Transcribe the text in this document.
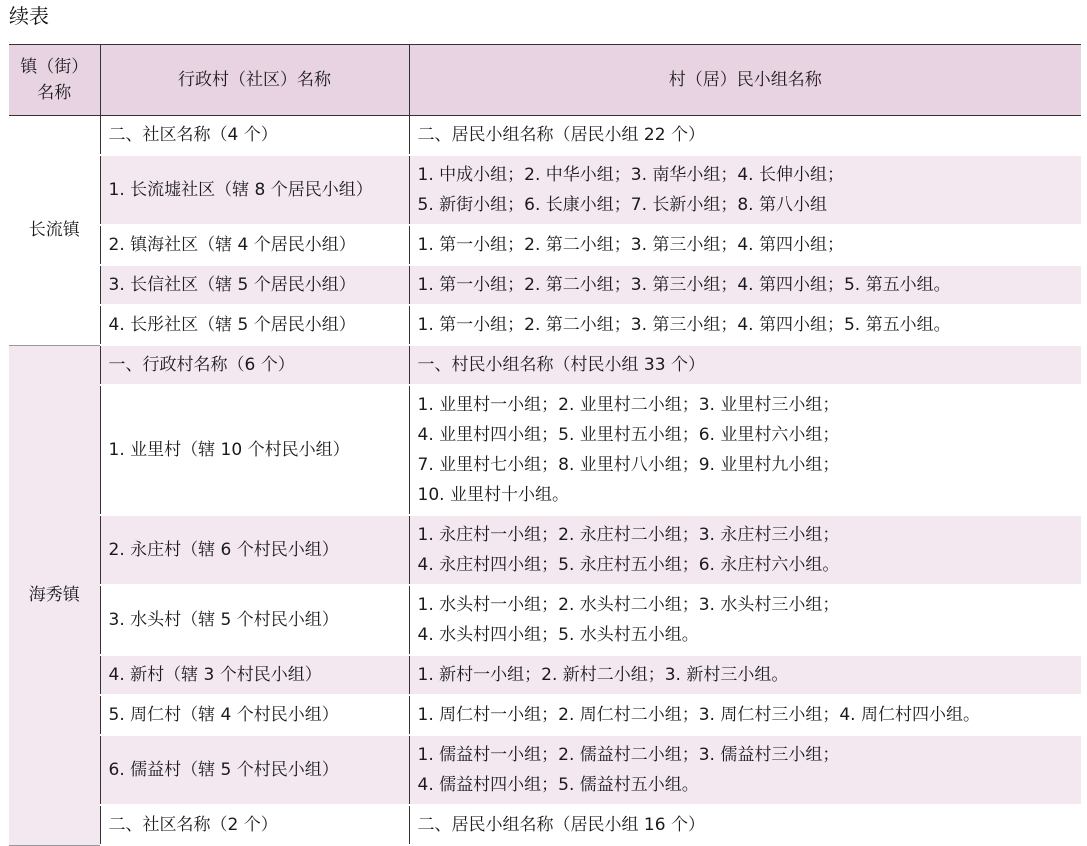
续表
镇（街）
名称	行政村（社区）名称	村（居）民小组名称
长流镇	二、社区名称（4 个）	二、居民小组名称（居民小组 22 个）

	1. 长流墟社区（辖 8 个居民小组）	1. 中成小组；2. 中华小组；3. 南华小组；4. 长伸小组；
5. 新街小组；6. 长康小组；7. 长新小组；8. 第八小组

	2. 镇海社区（辖 4 个居民小组）	1. 第一小组；2. 第二小组；3. 第三小组；4. 第四小组；

	3. 长信社区（辖 5 个居民小组）	1. 第一小组；2. 第二小组；3. 第三小组；4. 第四小组；5. 第五小组。

	4. 长彤社区（辖 5 个居民小组）	1. 第一小组；2. 第二小组；3. 第三小组；4. 第四小组；5. 第五小组。

海秀镇	一、行政村名称（6 个）	一、村民小组名称（村民小组 33 个）

	1. 业里村（辖 10 个村民小组）	1. 业里村一小组；2. 业里村二小组；3. 业里村三小组；
4. 业里村四小组；5. 业里村五小组；6. 业里村六小组；
7. 业里村七小组；8. 业里村八小组；9. 业里村九小组；
10. 业里村十小组。

	2. 永庄村（辖 6 个村民小组）	1. 永庄村一小组；2. 永庄村二小组；3. 永庄村三小组；
4. 永庄村四小组；5. 永庄村五小组；6. 永庄村六小组。

	3. 水头村（辖 5 个村民小组）	1. 水头村一小组；2. 水头村二小组；3. 水头村三小组；
4. 水头村四小组；5. 水头村五小组。

	4. 新村（辖 3 个村民小组）	1. 新村一小组；2. 新村二小组；3. 新村三小组。

	5. 周仁村（辖 4 个村民小组）	1. 周仁村一小组；2. 周仁村二小组；3. 周仁村三小组；4. 周仁村四小组。

	6. 儒益村（辖 5 个村民小组）	1. 儒益村一小组；2. 儒益村二小组；3. 儒益村三小组；
4. 儒益村四小组；5. 儒益村五小组。

	二、社区名称（2 个）	二、居民小组名称（居民小组 16 个）
